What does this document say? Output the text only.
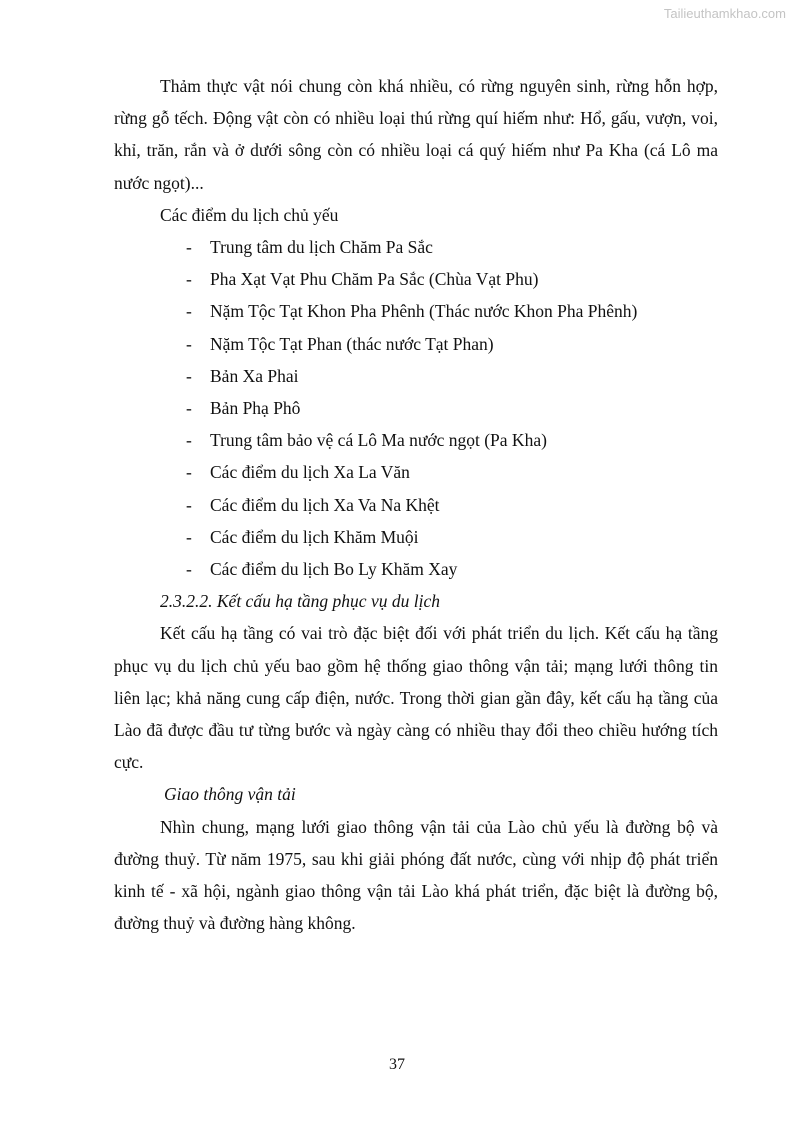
Tailieuthamkhao.com

Thảm thực vật nói chung còn khá nhiều, có rừng nguyên sinh, rừng hỗn hợp, rừng gỗ tếch. Động vật còn có nhiều loại thú rừng quí hiếm như: Hổ, gấu, vượn, voi, khỉ, trăn, rắn và ở dưới sông còn có nhiều loại cá quý hiếm như Pa Kha (cá Lô ma nước ngọt)...

Các điểm du lịch chủ yếu

- Trung tâm du lịch Chăm Pa Sắc

- Pha Xạt Vạt Phu Chăm Pa Sắc (Chùa Vạt Phu)

- Nặm Tộc Tạt Khon Pha Phênh (Thác nước Khon Pha Phênh)

- Nặm Tộc Tạt Phan (thác nước Tạt Phan)

- Bản Xa Phai

- Bản Phạ Phô

- Trung tâm bảo vệ cá Lô Ma nước ngọt (Pa Kha)

- Các điểm du lịch Xa La Văn

- Các điểm du lịch Xa Va Na Khệt

- Các điểm du lịch Khăm Muội

- Các điểm du lịch Bo Ly Khăm Xay

2.3.2.2. Kết cấu hạ tầng phục vụ du lịch

Kết cấu hạ tầng có vai trò đặc biệt đối với phát triển du lịch. Kết cấu hạ tầng phục vụ du lịch chủ yếu bao gồm hệ thống giao thông vận tải; mạng lưới thông tin liên lạc; khả năng cung cấp điện, nước. Trong thời gian gần đây, kết cấu hạ tầng của Lào đã được đầu tư từng bước và ngày càng có nhiều thay đổi theo chiều hướng tích cực.

Giao thông vận tải

Nhìn chung, mạng lưới giao thông vận tải của Lào chủ yếu là đường bộ và đường thuỷ. Từ năm 1975, sau khi giải phóng đất nước, cùng với nhịp độ phát triển kinh tế - xã hội, ngành giao thông vận tải Lào khá phát triển, đặc biệt là đường bộ, đường thuỷ và đường hàng không.

37
